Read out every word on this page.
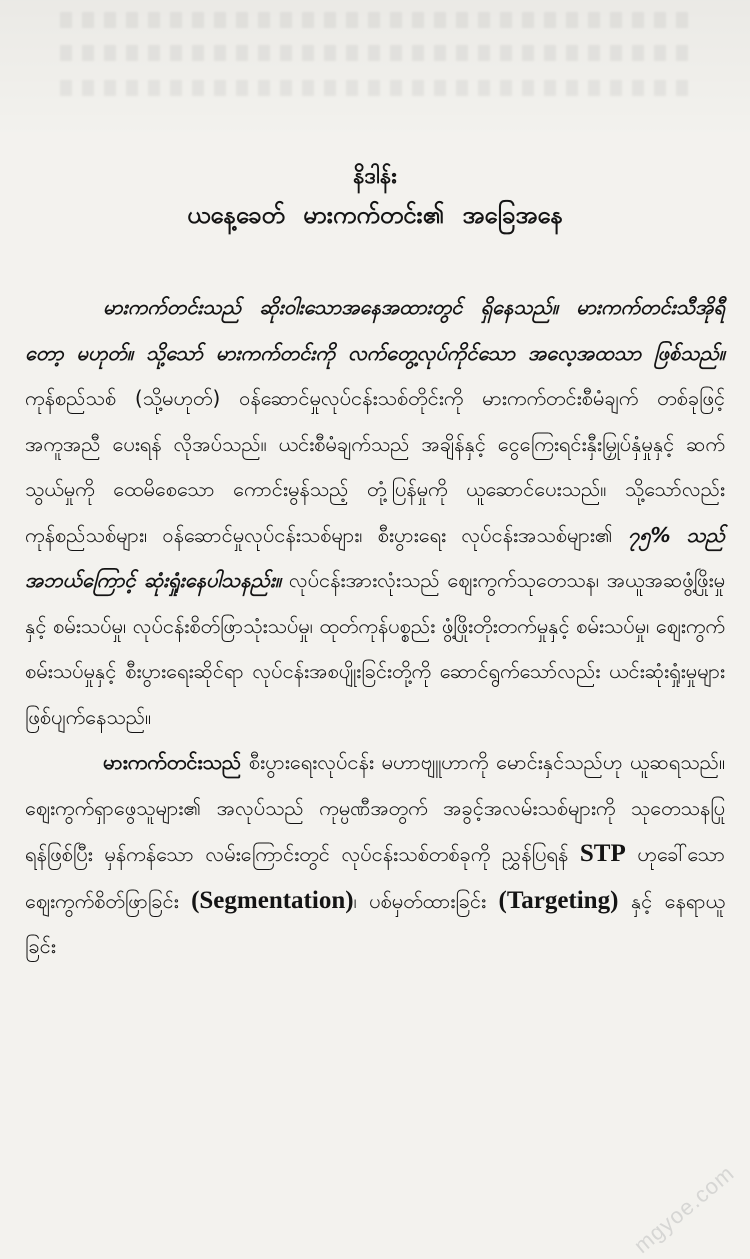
နိဒါန်း
ယနေ့ခေတ် မားကက်တင်း၏ အခြေအနေ

မားကက်တင်းသည် ဆိုးဝါးသောအနေအထားတွင် ရှိနေသည်။ မားကက်တင်းသီအိုရီတော့ မဟုတ်။ သို့သော် မားကက်တင်းကို လက်တွေ့လုပ်ကိုင်သော အလေ့အထသာ ဖြစ်သည်။ ကုန်စည်သစ် (သို့မဟုတ်) ဝန်ဆောင်မှုလုပ်ငန်းသစ်တိုင်းကို မားကက်တင်းစီမံချက် တစ်ခုဖြင့် အကူအညီ ပေးရန် လိုအပ်သည်။ ယင်းစီမံချက်သည် အချိန်နှင့် ငွေကြေးရင်းနှီးမြှုပ်နှံမှုနှင့် ဆက်သွယ်မှုကို ထေမိစေသော ကောင်းမွန်သည့် တုံ့ပြန်မှုကို ယူဆောင်ပေးသည်။ သို့သော်လည်း ကုန်စည်သစ်များ၊ ဝန်ဆောင်မှုလုပ်ငန်းသစ်များ၊ စီးပွားရေး လုပ်ငန်းအသစ်များ၏ ၇၅% သည် အဘယ်ကြောင့် ဆုံးရှုံးနေပါသနည်း။ လုပ်ငန်းအားလုံးသည် ဈေးကွက်သုတေသန၊ အယူအဆဖွံ့ဖြိုးမှုနှင့် စမ်းသပ်မှု၊ လုပ်ငန်းစိတ်ဖြာသုံးသပ်မှု၊ ထုတ်ကုန်ပစ္စည်း ဖွံ့ဖြိုးတိုးတက်မှုနှင့် စမ်းသပ်မှု၊ ဈေးကွက်စမ်းသပ်မှုနှင့် စီးပွားရေးဆိုင်ရာ လုပ်ငန်းအစပျိုးခြင်းတို့ကို ဆောင်ရွက်သော်လည်း ယင်းဆုံးရှုံးမှုများ ဖြစ်ပျက်နေသည်။

မားကက်တင်းသည် စီးပွားရေးလုပ်ငန်း မဟာဗျူဟာကို မောင်းနှင်သည်ဟု ယူဆရသည်။ ဈေးကွက်ရှာဖွေသူများ၏ အလုပ်သည် ကုမ္ပဏီအတွက် အခွင့်အလမ်းသစ်များကို သုတေသနပြုရန်ဖြစ်ပြီး မှန်ကန်သော လမ်းကြောင်းတွင် လုပ်ငန်းသစ်တစ်ခုကို ညွှန်ပြရန် STP ဟုခေါ်သော ဈေးကွက်စိတ်ဖြာခြင်း (Segmentation)၊ ပစ်မှတ်ထားခြင်း (Targeting) နှင့် နေရာယူခြင်း

mgyoe.com
